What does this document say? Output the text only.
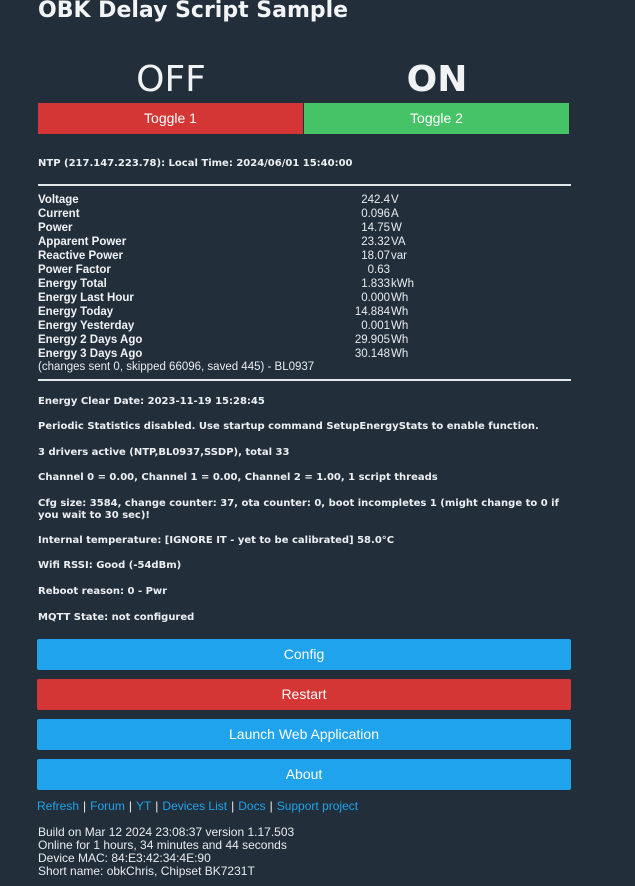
OBK Delay Script Sample
OFF	ON
Toggle 1	Toggle 2
NTP (217.147.223.78): Local Time: 2024/06/01 15:40:00
Voltage	242.4 V
Current	0.096 A
Power	14.75 W
Apparent Power	23.32 VA
Reactive Power	18.07 var
Power Factor	0.63
Energy Total	1.833 kWh
Energy Last Hour	0.000 Wh
Energy Today	14.884 Wh
Energy Yesterday	0.001 Wh
Energy 2 Days Ago	29.905 Wh
Energy 3 Days Ago	30.148 Wh
(changes sent 0, skipped 66096, saved 445) - BL0937
Energy Clear Date: 2023-11-19 15:28:45
Periodic Statistics disabled. Use startup command SetupEnergyStats to enable function.
3 drivers active (NTP,BL0937,SSDP), total 33
Channel 0 = 0.00, Channel 1 = 0.00, Channel 2 = 1.00, 1 script threads
Cfg size: 3584, change counter: 37, ota counter: 0, boot incompletes 1 (might change to 0 if you wait to 30 sec)!
Internal temperature: [IGNORE IT - yet to be calibrated] 58.0°C
Wifi RSSI: Good (-54dBm)
Reboot reason: 0 - Pwr
MQTT State: not configured
Config
Restart
Launch Web Application
About
Refresh | Forum | YT | Devices List | Docs | Support project
Build on Mar 12 2024 23:08:37 version 1.17.503
Online for 1 hours, 34 minutes and 44 seconds
Device MAC: 84:E3:42:34:4E:90
Short name: obkChris, Chipset BK7231T
